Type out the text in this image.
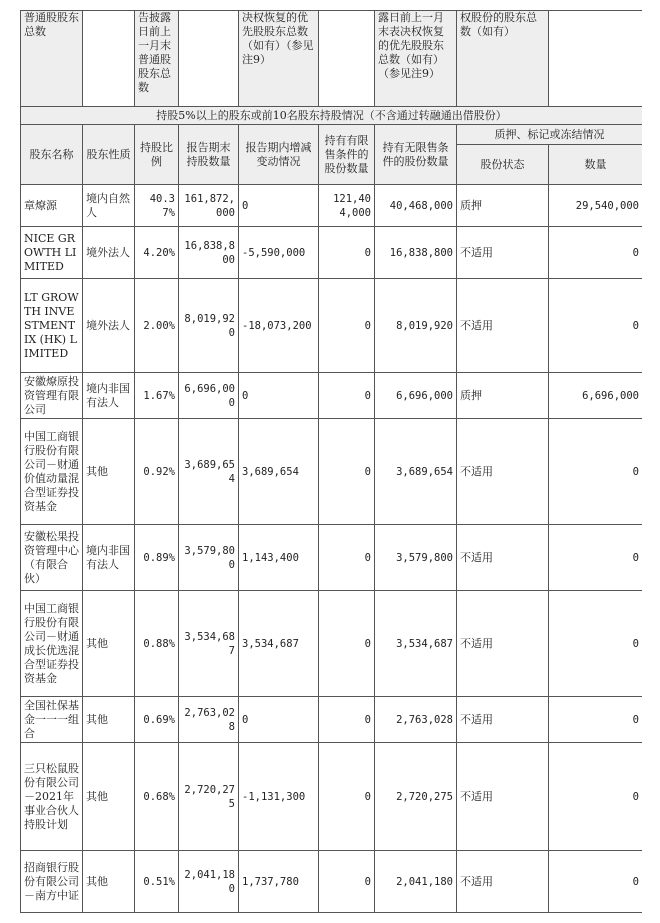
普通股股东总数		告披露日前上一月末普通股股东总数		决权恢复的优先股股东总数（如有）（参见注9）		露日前上一月末表决权恢复的优先股股东总数（如有）（参见注9）	权股份的股东总数（如有）	
持股5%以上的股东或前10名股东持股情况（不含通过转融通出借股份）								
股东名称	股东性质	持股比例	报告期末持股数量	报告期内增减变动情况	持有有限售条件的股份数量	持有无限售条件的股份数量	质押、标记或冻结情况	
							股份状态	数量
章燎源	境内自然人	40.37%	161,872,000	0	121,404,000	40,468,000	质押	29,540,000
NICE GROWTH LIMITED	境外法人	4.20%	16,838,800	-5,590,000	0	16,838,800	不适用	0
LT GROWTH INVESTMENT IX (HK) LIMITED	境外法人	2.00%	8,019,920	-18,073,200	0	8,019,920	不适用	0
安徽燎原投资管理有限公司	境内非国有法人	1.67%	6,696,000	0	0	6,696,000	质押	6,696,000
中国工商银行股份有限公司－财通价值动量混合型证券投资基金	其他	0.92%	3,689,654	3,689,654	0	3,689,654	不适用	0
安徽松果投资管理中心（有限合伙）	境内非国有法人	0.89%	3,579,800	1,143,400	0	3,579,800	不适用	0
中国工商银行股份有限公司－财通成长优选混合型证券投资基金	其他	0.88%	3,534,687	3,534,687	0	3,534,687	不适用	0
全国社保基金一一一组合	其他	0.69%	2,763,028	0	0	2,763,028	不适用	0
三只松鼠股份有限公司－2021年事业合伙人持股计划	其他	0.68%	2,720,275	-1,131,300	0	2,720,275	不适用	0
招商银行股份有限公司－南方中证	其他	0.51%	2,041,180	1,737,780	0	2,041,180	不适用	0
